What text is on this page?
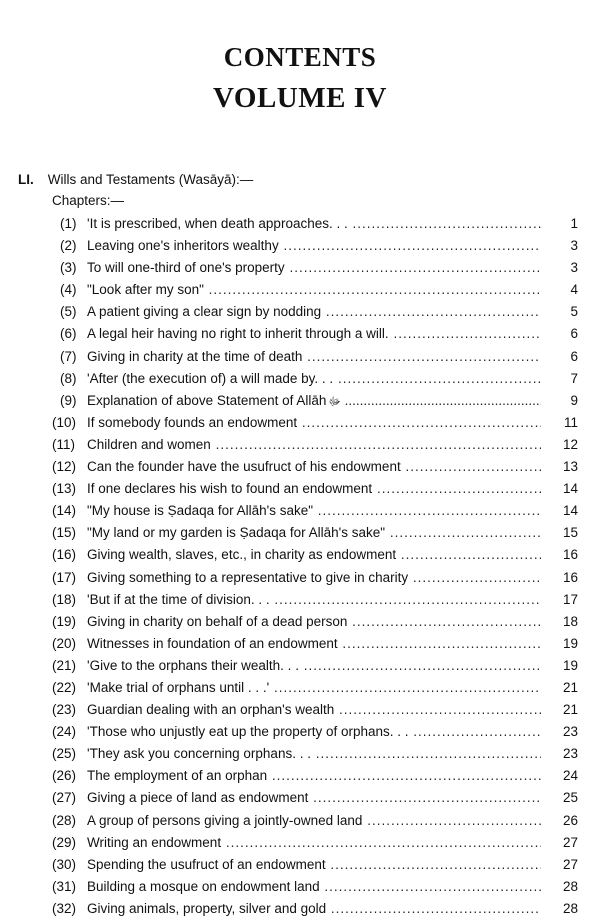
CONTENTS
VOLUME IV
LI. Wills and Testaments (Wasāyā):—
Chapters:—
(1) 'It is prescribed, when death approaches. . . .....	1
(2) Leaving one's inheritors wealthy .....	3
(3) To will one-third of one's property .....	3
(4) "Look after my son" .....	4
(5) A patient giving a clear sign by nodding .....	5
(6) A legal heir having no right to inherit through a will. .....	6
(7) Giving in charity at the time of death .....	6
(8) 'After (the execution of) a will made by. . . .....	7
(9) Explanation of above Statement of Allāh ﷻ .....	9
(10) If somebody founds an endowment .....	11
(11) Children and women .....	12
(12) Can the founder have the usufruct of his endowment .....	13
(13) If one declares his wish to found an endowment .....	14
(14) "My house is Ṣadaqa for Allāh's sake" .....	14
(15) "My land or my garden is Ṣadaqa for Allāh's sake" .....	15
(16) Giving wealth, slaves, etc., in charity as endowment .....	16
(17) Giving something to a representative to give in charity .....	16
(18) 'But if at the time of division. . . .....	17
(19) Giving in charity on behalf of a dead person .....	18
(20) Witnesses in foundation of an endowment .....	19
(21) 'Give to the orphans their wealth. . . .....	19
(22) 'Make trial of orphans until . . .' .....	21
(23) Guardian dealing with an orphan's wealth .....	21
(24) 'Those who unjustly eat up the property of orphans. . . .....	23
(25) 'They ask you concerning orphans. . . .....	23
(26) The employment of an orphan .....	24
(27) Giving a piece of land as endowment .....	25
(28) A group of persons giving a jointly-owned land .....	26
(29) Writing an endowment .....	27
(30) Spending the usufruct of an endowment .....	27
(31) Building a mosque on endowment land .....	28
(32) Giving animals, property, silver and gold .....	28
